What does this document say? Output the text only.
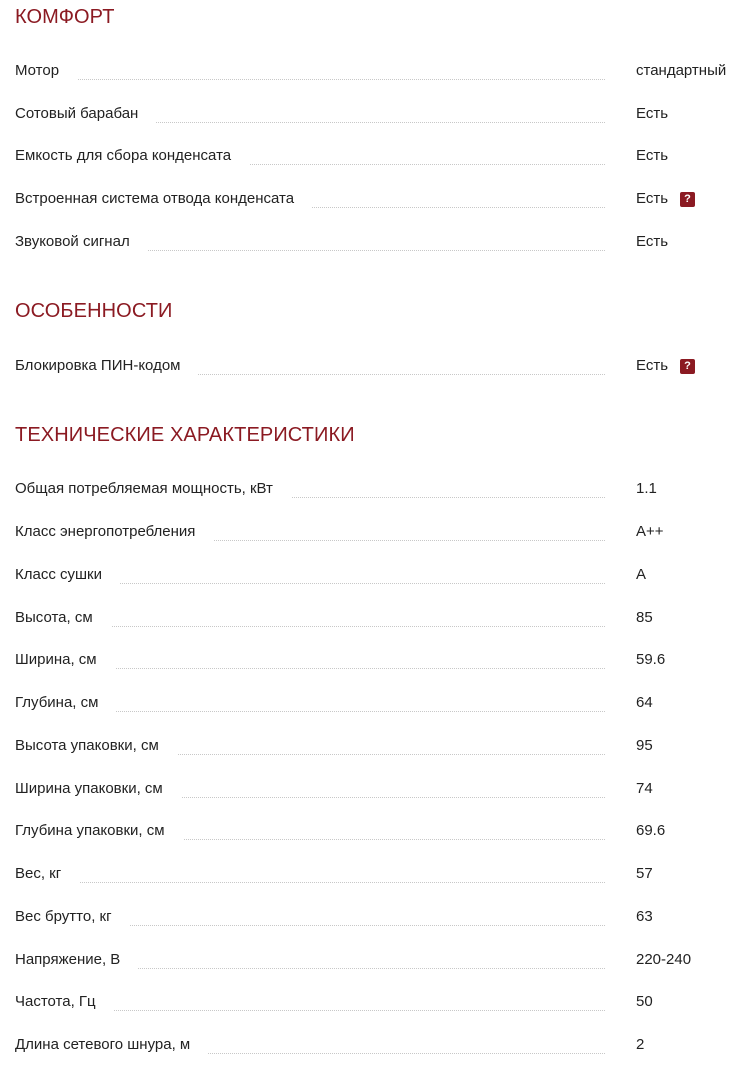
КОМФОРТ
Мотор	стандартный
Сотовый барабан	Есть
Емкость для сбора конденсата	Есть
Встроенная система отвода конденсата	Есть	?
Звуковой сигнал	Есть
ОСОБЕННОСТИ
Блокировка ПИН-кодом	Есть	?
ТЕХНИЧЕСКИЕ ХАРАКТЕРИСТИКИ
Общая потребляемая мощность, кВт	1.1
Класс энергопотребления	A++
Класс сушки	A
Высота, см	85
Ширина, см	59.6
Глубина, см	64
Высота упаковки, см	95
Ширина упаковки, см	74
Глубина упаковки, см	69.6
Вес, кг	57
Вес брутто, кг	63
Напряжение, В	220-240
Частота, Гц	50
Длина сетевого шнура, м	2
